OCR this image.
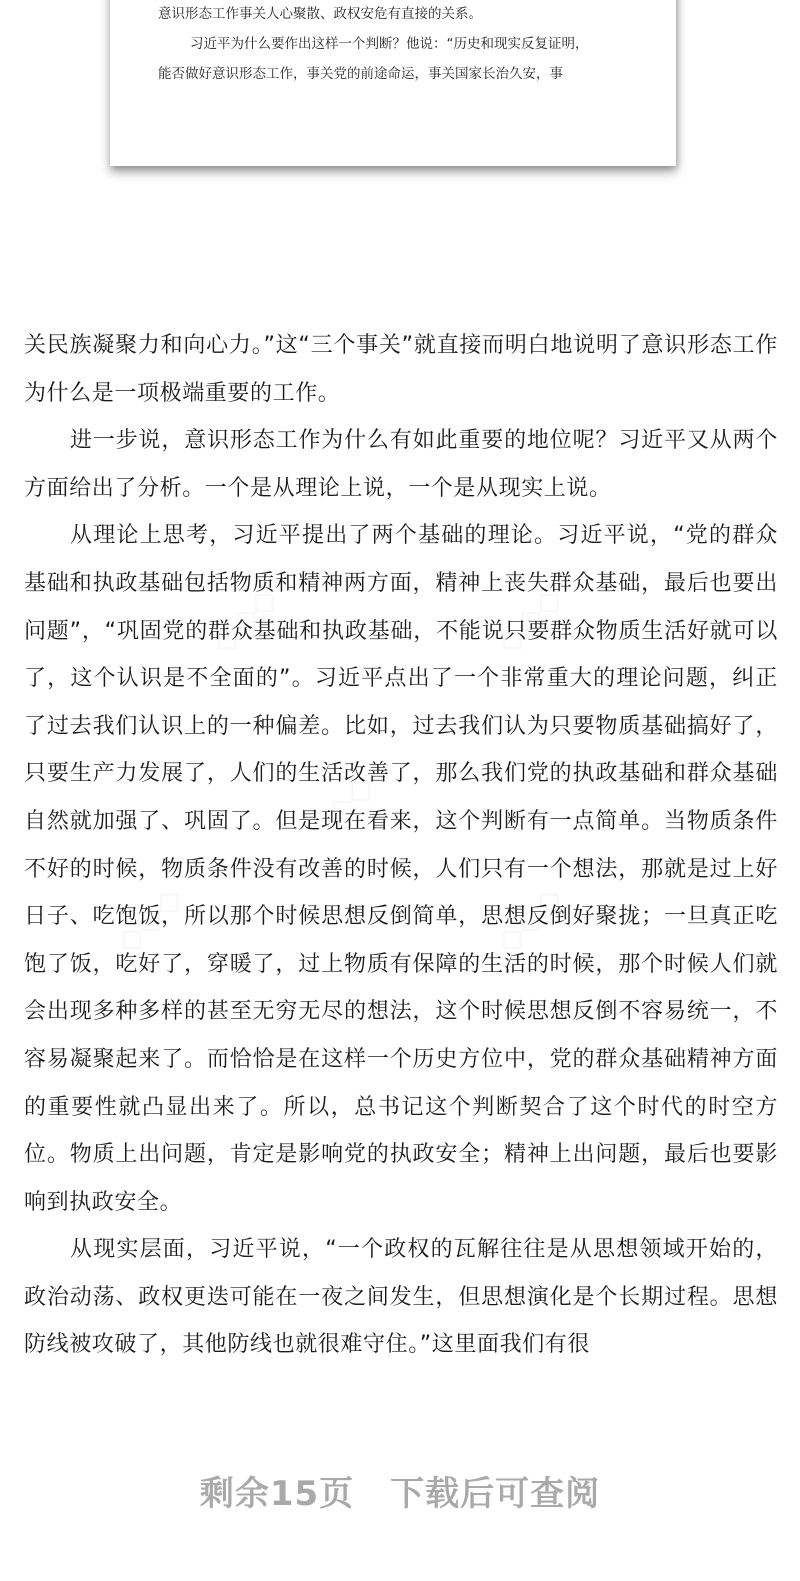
意识形态工作事关人心聚散、政权安危有直接的关系。
习近平为什么要作出这样一个判断？他说：“历史和现实反复证明，
能否做好意识形态工作，事关党的前途命运，事关国家长治久安，事
◇◇◇	◇◇◇
◇◇◇
◇◇◇	◇◇◇

关民族凝聚力和向心力。”这“三个事关”就直接而明白地说明了意识形态工作为什么是一项极端重要的工作。

进一步说，意识形态工作为什么有如此重要的地位呢？习近平又从两个方面给出了分析。一个是从理论上说，一个是从现实上说。

从理论上思考，习近平提出了两个基础的理论。习近平说，“党的群众基础和执政基础包括物质和精神两方面，精神上丧失群众基础，最后也要出问题”，“巩固党的群众基础和执政基础，不能说只要群众物质生活好就可以了，这个认识是不全面的”。习近平点出了一个非常重大的理论问题，纠正了过去我们认识上的一种偏差。比如，过去我们认为只要物质基础搞好了，只要生产力发展了，人们的生活改善了，那么我们党的执政基础和群众基础自然就加强了、巩固了。但是现在看来，这个判断有一点简单。当物质条件不好的时候，物质条件没有改善的时候，人们只有一个想法，那就是过上好日子、吃饱饭，所以那个时候思想反倒简单，思想反倒好聚拢；一旦真正吃饱了饭，吃好了，穿暖了，过上物质有保障的生活的时候，那个时候人们就会出现多种多样的甚至无穷无尽的想法，这个时候思想反倒不容易统一，不容易凝聚起来了。而恰恰是在这样一个历史方位中，党的群众基础精神方面的重要性就凸显出来了。所以，总书记这个判断契合了这个时代的时空方位。物质上出问题，肯定是影响党的执政安全；精神上出问题，最后也要影响到执政安全。

从现实层面，习近平说，“一个政权的瓦解往往是从思想领域开始的，政治动荡、政权更迭可能在一夜之间发生，但思想演化是个长期过程。思想防线被攻破了，其他防线也就很难守住。”这里面我们有很

剩余15页 下载后可查阅
